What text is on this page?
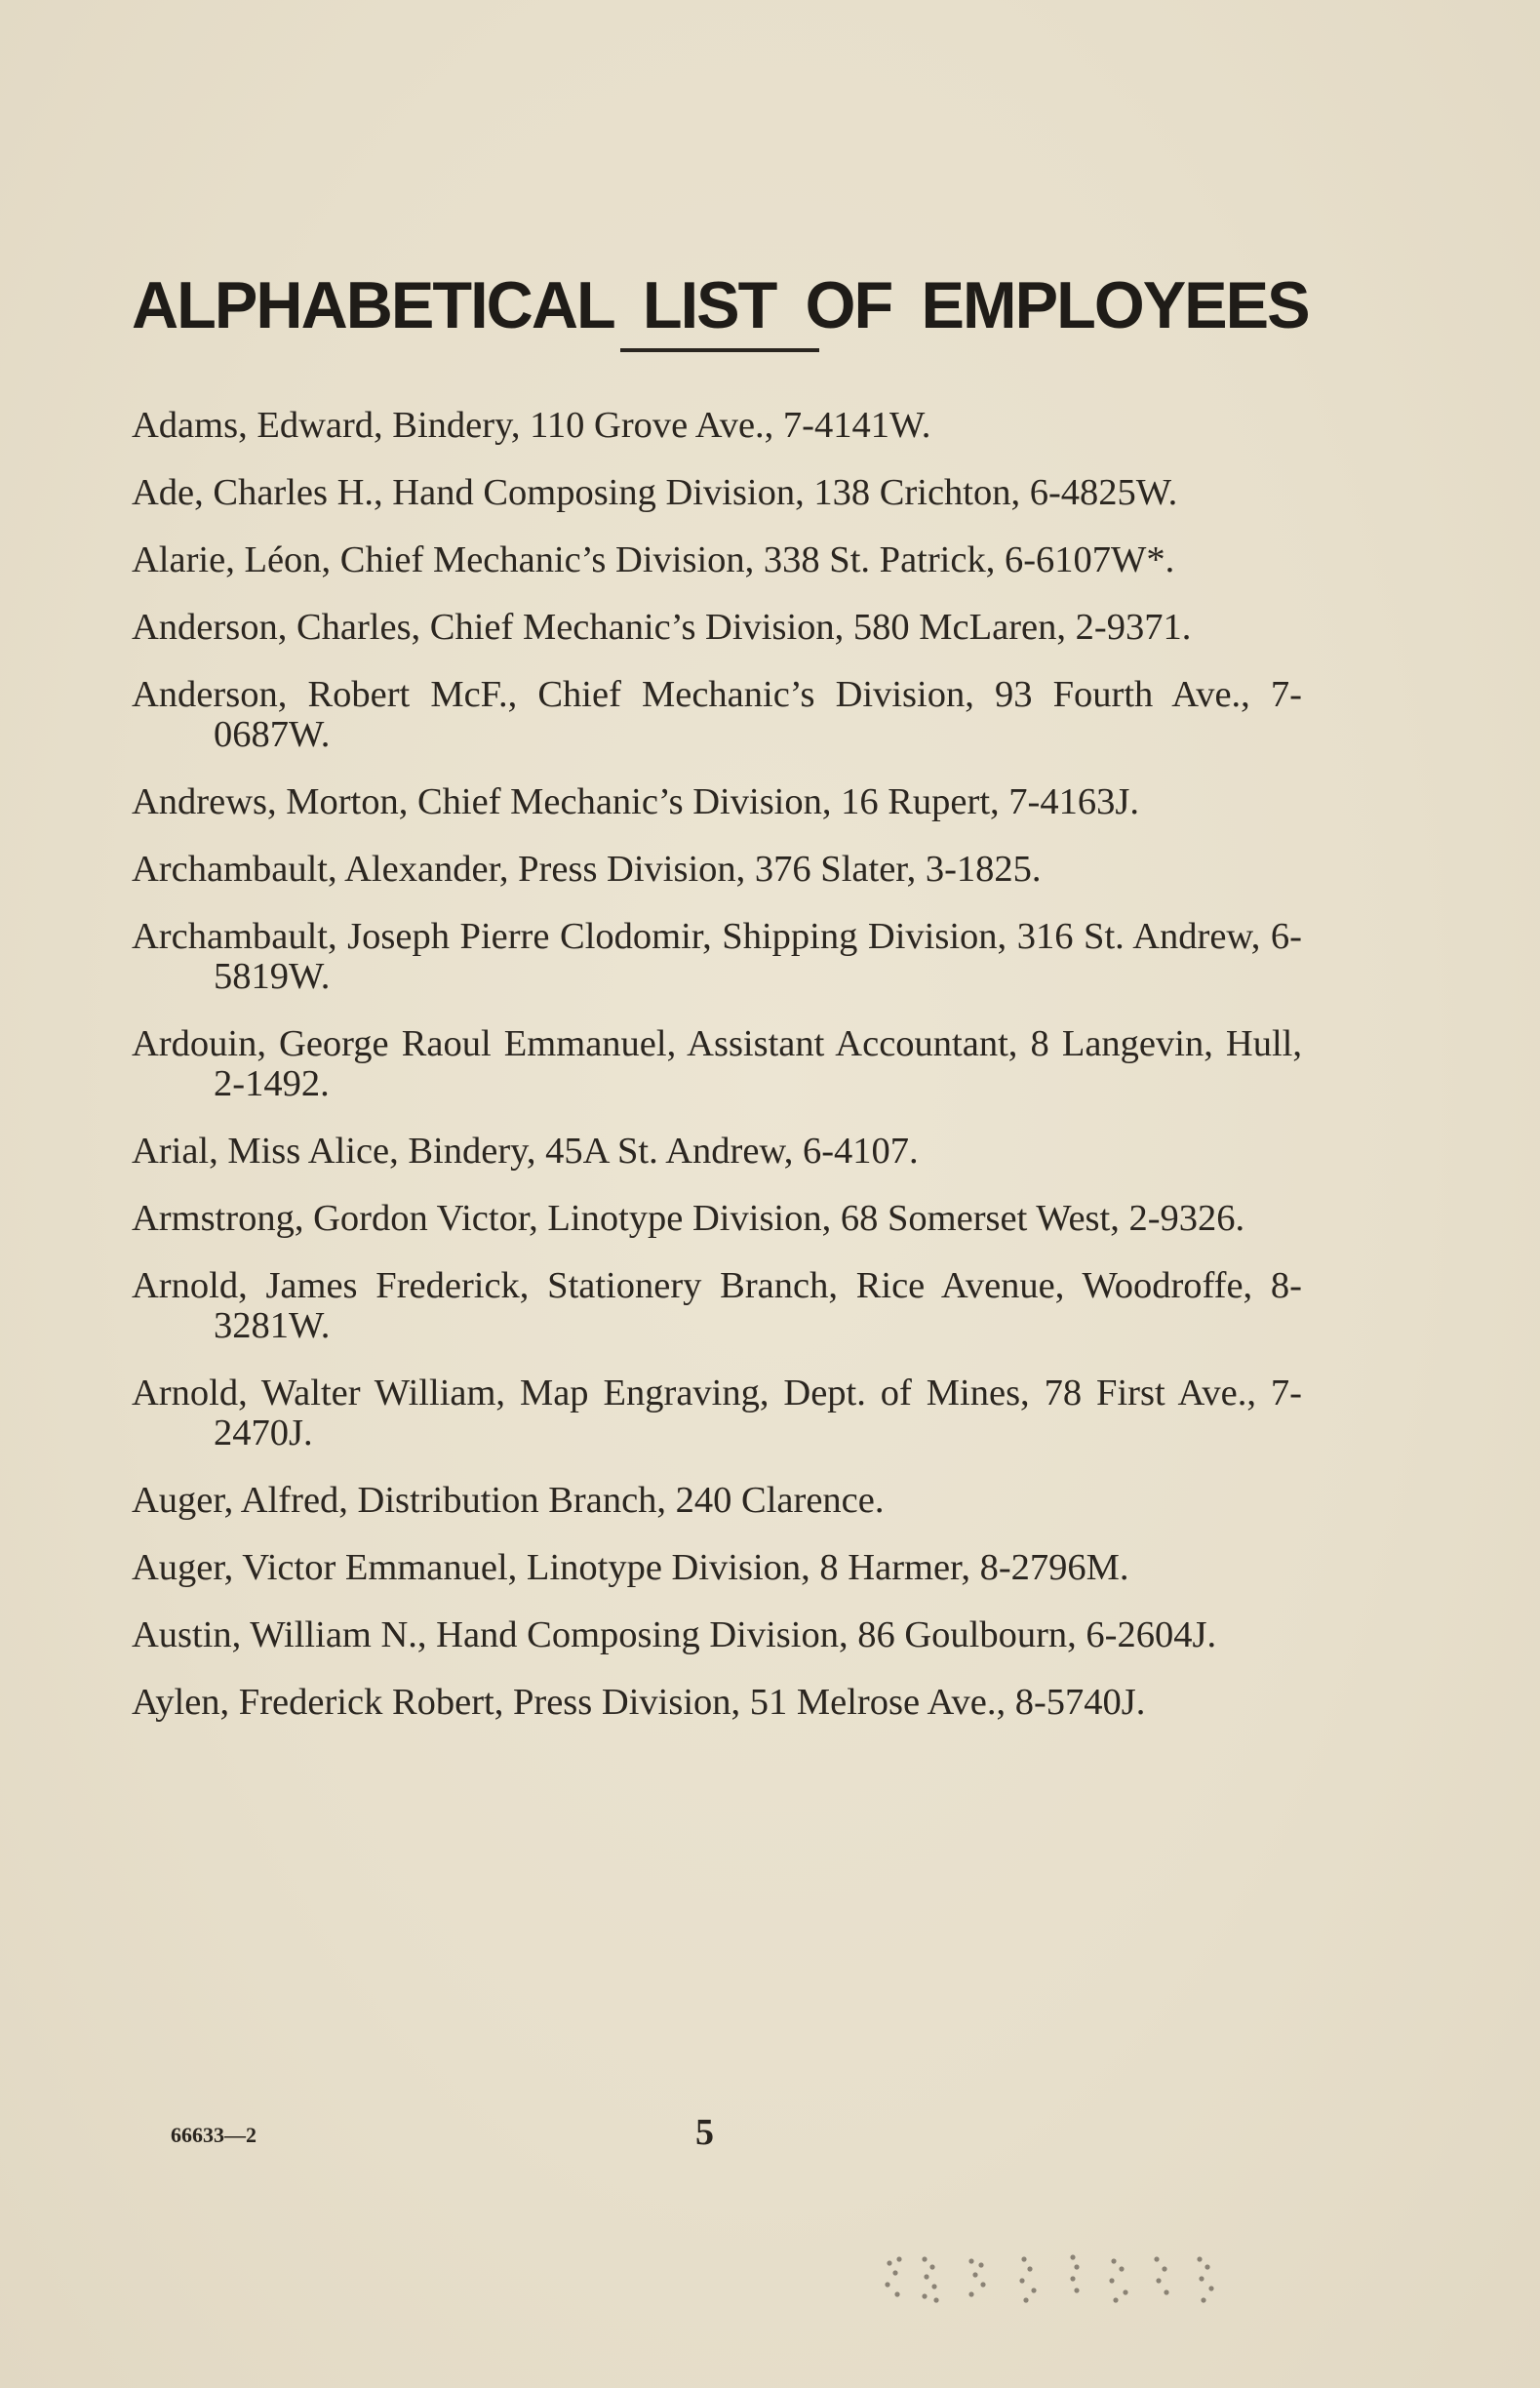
ALPHABETICAL LIST OF EMPLOYEES
Adams, Edward, Bindery, 110 Grove Ave., 7-4141W.
Ade, Charles H., Hand Composing Division, 138 Crichton, 6-4825W.
Alarie, Léon, Chief Mechanic’s Division, 338 St. Patrick, 6-6107W*.
Anderson, Charles, Chief Mechanic’s Division, 580 McLaren, 2-9371.
Anderson, Robert McF., Chief Mechanic’s Division, 93 Fourth Ave., 7-0687W.
Andrews, Morton, Chief Mechanic’s Division, 16 Rupert, 7-4163J.
Archambault, Alexander, Press Division, 376 Slater, 3-1825.
Archambault, Joseph Pierre Clodomir, Shipping Division, 316 St. Andrew, 6-5819W.
Ardouin, George Raoul Emmanuel, Assistant Accountant, 8 Langevin, Hull, 2-1492.
Arial, Miss Alice, Bindery, 45A St. Andrew, 6-4107.
Armstrong, Gordon Victor, Linotype Division, 68 Somerset West, 2-9326.
Arnold, James Frederick, Stationery Branch, Rice Avenue, Woodroffe, 8-3281W.
Arnold, Walter William, Map Engraving, Dept. of Mines, 78 First Ave., 7-2470J.
Auger, Alfred, Distribution Branch, 240 Clarence.
Auger, Victor Emmanuel, Linotype Division, 8 Harmer, 8-2796M.
Austin, William N., Hand Composing Division, 86 Goulbourn, 6-2604J.
Aylen, Frederick Robert, Press Division, 51 Melrose Ave., 8-5740J.
66633—2	5
